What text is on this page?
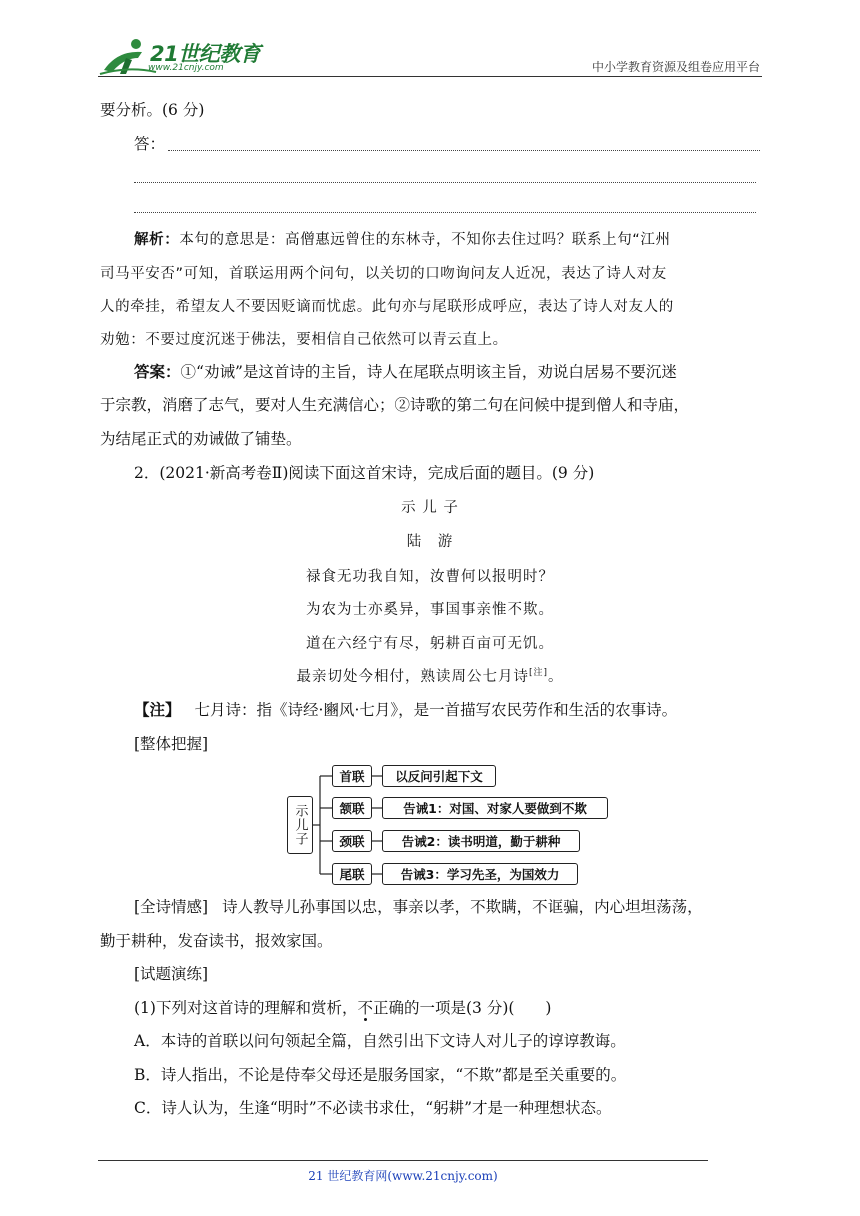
21世纪教育
www.21cnjy.com	中小学教育资源及组卷应用平台
要分析。(6 分)
答：
解析：本句的意思是：高僧惠远曾住的东林寺，不知你去住过吗？联系上句“江州
司马平安否”可知，首联运用两个问句，以关切的口吻询问友人近况，表达了诗人对友
人的牵挂，希望友人不要因贬谪而忧虑。此句亦与尾联形成呼应，表达了诗人对友人的
劝勉：不要过度沉迷于佛法，要相信自己依然可以青云直上。
答案：①“劝诫”是这首诗的主旨，诗人在尾联点明该主旨，劝说白居易不要沉迷
于宗教，消磨了志气，要对人生充满信心；②诗歌的第二句在问候中提到僧人和寺庙，
为结尾正式的劝诫做了铺垫。
2．(2021·新高考卷Ⅱ)阅读下面这首宋诗，完成后面的题目。(9 分)
示 儿 子
陆　游
禄食无功我自知，汝曹何以报明时？
为农为士亦奚异，事国事亲惟不欺。
道在六经宁有尽，躬耕百亩可无饥。
最亲切处今相付，熟读周公七月诗[注]。
【注】 七月诗：指《诗经·豳风·七月》，是一首描写农民劳作和生活的农事诗。
[整体把握]
示儿子
首联	以反问引起下文
颔联	告诫1：对国、对家人要做到不欺
颈联	告诫2：读书明道，勤于耕种
尾联	告诫3：学习先圣，为国效力
[全诗情感] 诗人教导儿孙事国以忠，事亲以孝，不欺瞒，不诓骗，内心坦坦荡荡，
勤于耕种，发奋读书，报效家国。
[试题演练]
(1)下列对这首诗的理解和赏析，不正确的一项是(3 分)(　　)
A．本诗的首联以问句领起全篇，自然引出下文诗人对儿子的谆谆教诲。
B．诗人指出，不论是侍奉父母还是服务国家，“不欺”都是至关重要的。
C．诗人认为，生逢“明时”不必读书求仕，“躬耕”才是一种理想状态。
21 世纪教育网(www.21cnjy.com)
